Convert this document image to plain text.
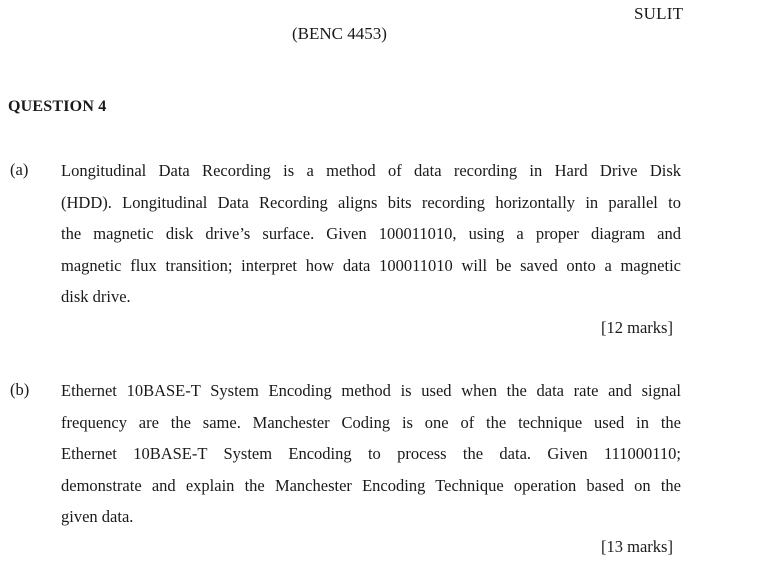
SULIT
(BENC 4453)
QUESTION 4
(a) Longitudinal Data Recording is a method of data recording in Hard Drive Disk
(HDD). Longitudinal Data Recording aligns bits recording horizontally in parallel to
the magnetic disk drive’s surface. Given 100011010, using a proper diagram and
magnetic flux transition; interpret how data 100011010 will be saved onto a magnetic
disk drive.

[12 marks]
(b) Ethernet 10BASE-T System Encoding method is used when the data rate and signal
frequency are the same. Manchester Coding is one of the technique used in the
Ethernet 10BASE-T System Encoding to process the data. Given 111000110;
demonstrate and explain the Manchester Encoding Technique operation based on the
given data.

[13 marks]
